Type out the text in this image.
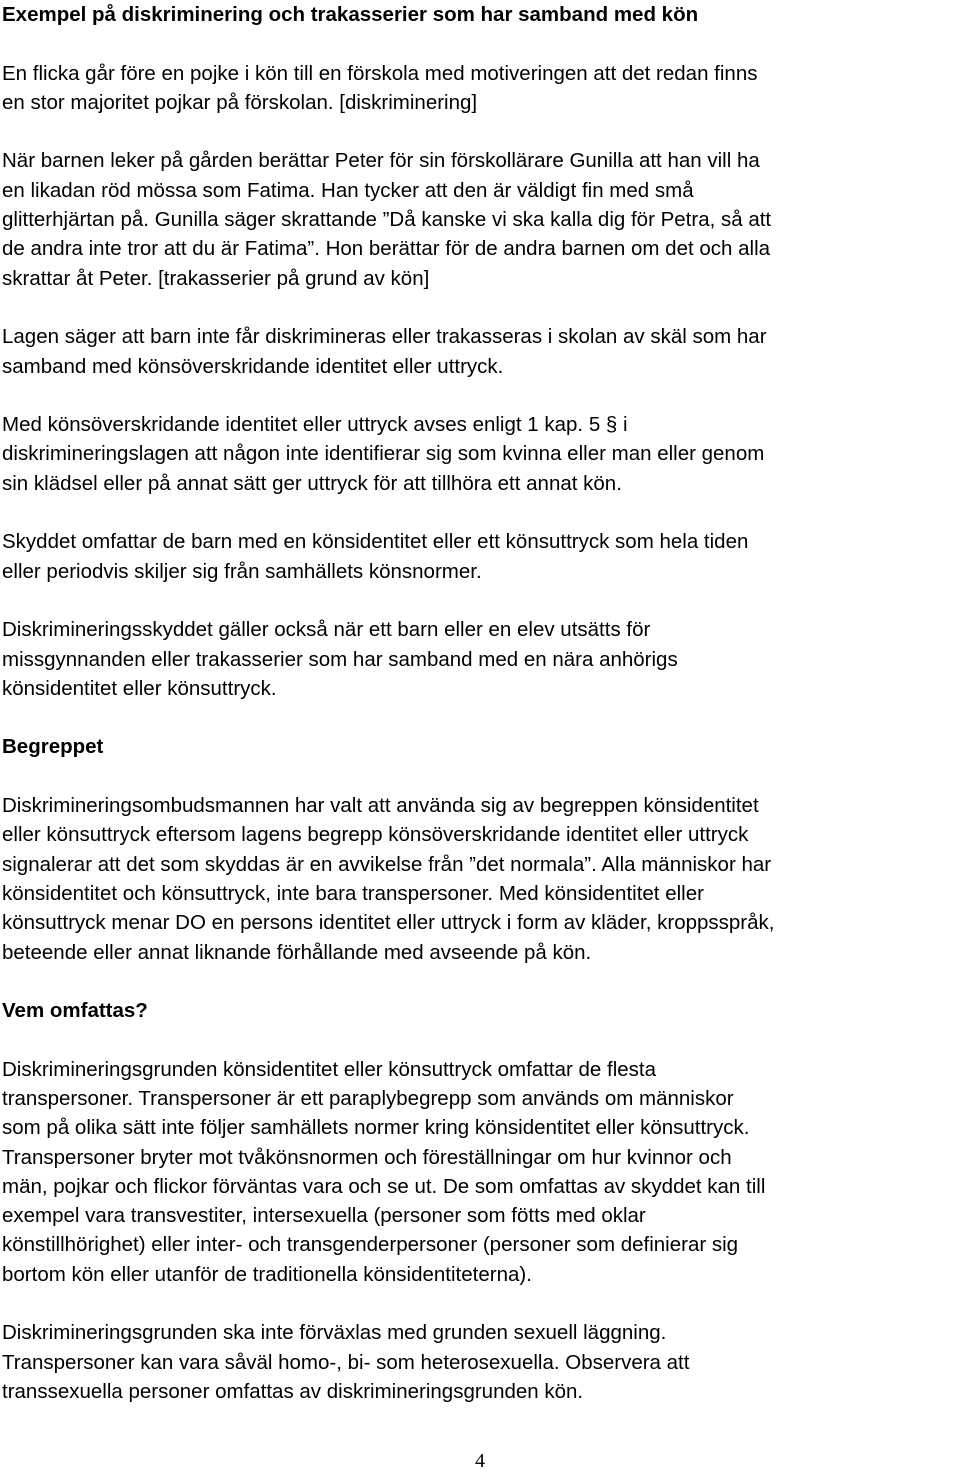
Exempel på diskriminering och trakasserier som har samband med kön

En flicka går före en pojke i kön till en förskola med motiveringen att det redan finns
en stor majoritet pojkar på förskolan. [diskriminering]

När barnen leker på gården berättar Peter för sin förskollärare Gunilla att han vill ha
en likadan röd mössa som Fatima. Han tycker att den är väldigt fin med små
glitterhjärtan på. Gunilla säger skrattande ”Då kanske vi ska kalla dig för Petra, så att
de andra inte tror att du är Fatima”. Hon berättar för de andra barnen om det och alla
skrattar åt Peter. [trakasserier på grund av kön]

Lagen säger att barn inte får diskrimineras eller trakasseras i skolan av skäl som har
samband med könsöverskridande identitet eller uttryck.

Med könsöverskridande identitet eller uttryck avses enligt 1 kap. 5 § i
diskrimineringslagen att någon inte identifierar sig som kvinna eller man eller genom
sin klädsel eller på annat sätt ger uttryck för att tillhöra ett annat kön.

Skyddet omfattar de barn med en könsidentitet eller ett könsuttryck som hela tiden
eller periodvis skiljer sig från samhällets könsnormer.

Diskrimineringsskyddet gäller också när ett barn eller en elev utsätts för
missgynnanden eller trakasserier som har samband med en nära anhörigs
könsidentitet eller könsuttryck.

Begreppet

Diskrimineringsombudsmannen har valt att använda sig av begreppen könsidentitet
eller könsuttryck eftersom lagens begrepp könsöverskridande identitet eller uttryck
signalerar att det som skyddas är en avvikelse från ”det normala”. Alla människor har
könsidentitet och könsuttryck, inte bara transpersoner. Med könsidentitet eller
könsuttryck menar DO en persons identitet eller uttryck i form av kläder, kroppsspråk,
beteende eller annat liknande förhållande med avseende på kön.

Vem omfattas?

Diskrimineringsgrunden könsidentitet eller könsuttryck omfattar de flesta
transpersoner. Transpersoner är ett paraplybegrepp som används om människor
som på olika sätt inte följer samhällets normer kring könsidentitet eller könsuttryck.
Transpersoner bryter mot tvåkönsnormen och föreställningar om hur kvinnor och
män, pojkar och flickor förväntas vara och se ut. De som omfattas av skyddet kan till
exempel vara transvestiter, intersexuella (personer som fötts med oklar
könstillhörighet) eller inter- och transgenderpersoner (personer som definierar sig
bortom kön eller utanför de traditionella könsidentiteterna).

Diskrimineringsgrunden ska inte förväxlas med grunden sexuell läggning.
Transpersoner kan vara såväl homo-, bi- som heterosexuella. Observera att
transsexuella personer omfattas av diskrimineringsgrunden kön.

4
